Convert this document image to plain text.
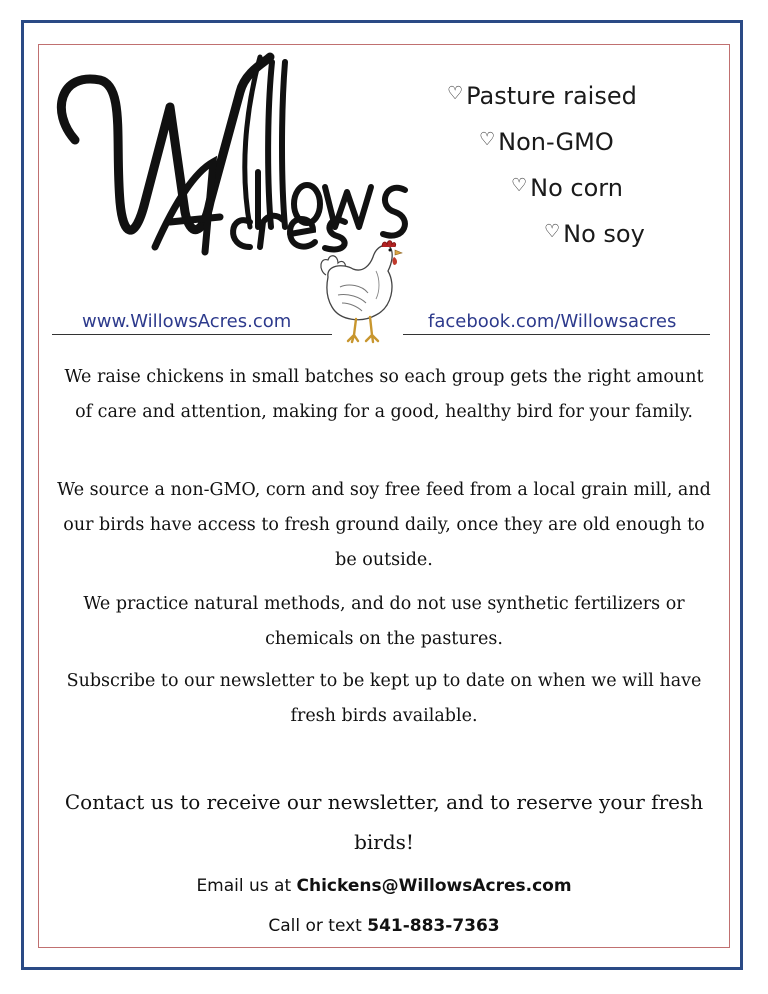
♡ Pasture raised
♡ Non-GMO
♡ No corn
♡ No soy
www.WillowsAcres.com	facebook.com/Willowsacres
We raise chickens in small batches so each group gets the right amount of care and attention, making for a good, healthy bird for your family.
We source a non-GMO, corn and soy free feed from a local grain mill, and our birds have access to fresh ground daily, once they are old enough to be outside.
We practice natural methods, and do not use synthetic fertilizers or chemicals on the pastures.
Subscribe to our newsletter to be kept up to date on when we will have fresh birds available.
Contact us to receive our newsletter, and to reserve your fresh birds!
Email us at Chickens@WillowsAcres.com
Call or text 541-883-7363
